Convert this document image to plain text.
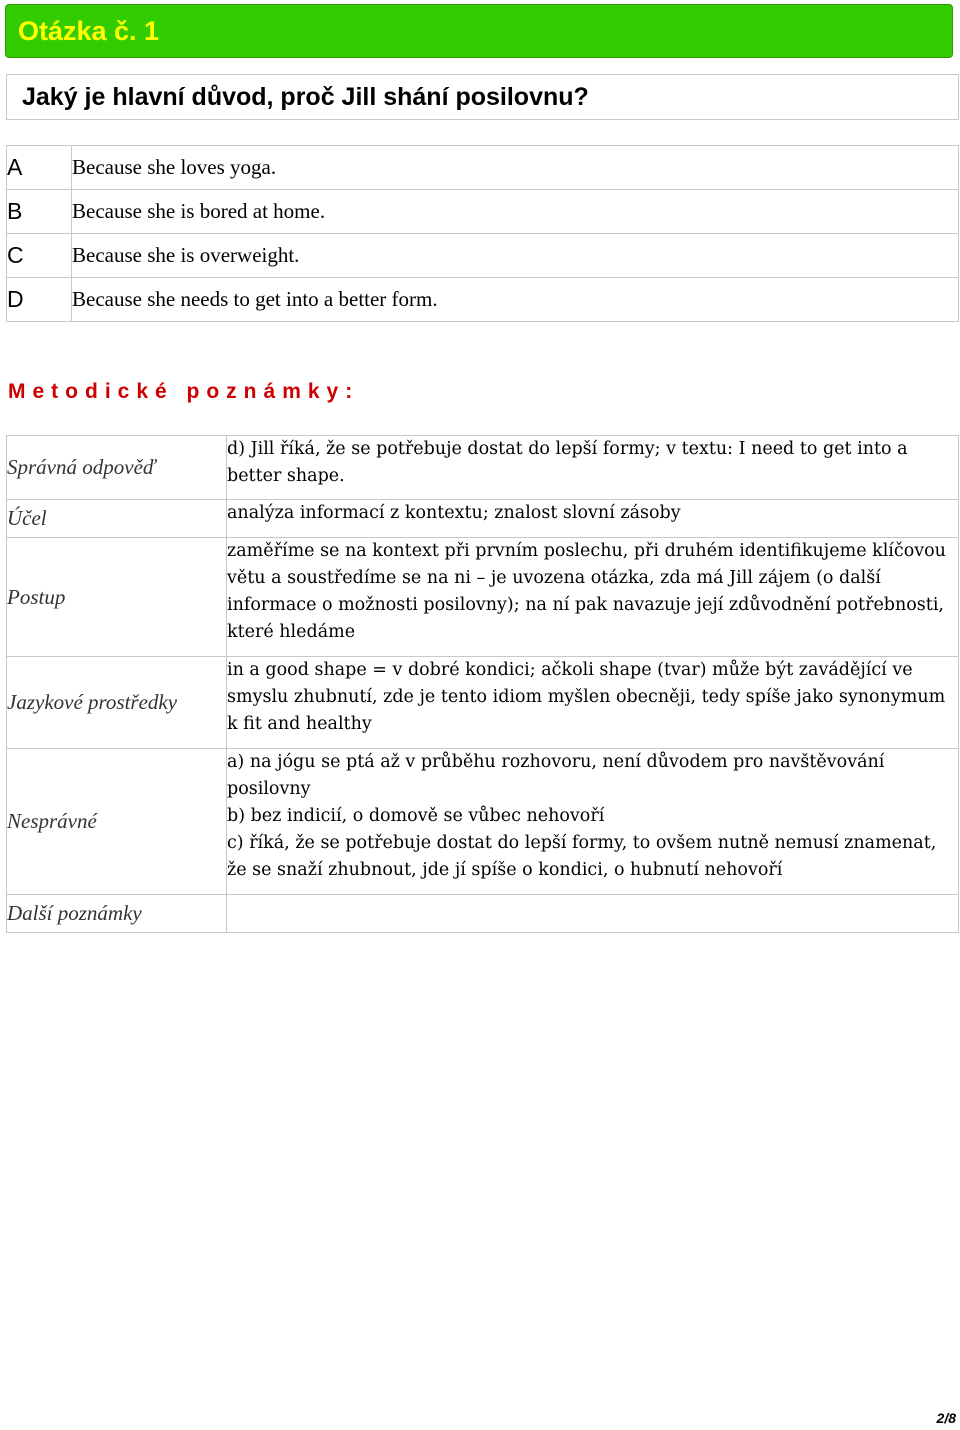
Otázka č. 1
Jaký je hlavní důvod, proč Jill shání posilovnu?
A	Because she loves yoga.
B	Because she is bored at home.
C	Because she is overweight.
D	Because she needs to get into a better form.
Metodické poznámky:
Správná odpověď	d) Jill říká, že se potřebuje dostat do lepší formy; v textu: I need to get into a better shape.

Účel	analýza informací z kontextu; znalost slovní zásoby

Postup	zaměříme se na kontext při prvním poslechu, při druhém identifikujeme klíčovou větu a soustředíme se na ni – je uvozena otázka, zda má Jill zájem (o další informace o možnosti posilovny); na ní pak navazuje její zdůvodnění potřebnosti, které hledáme

Jazykové prostředky	in a good shape = v dobré kondici; ačkoli shape (tvar) může být zavádějící ve smyslu zhubnutí, zde je tento idiom myšlen obecněji, tedy spíše jako synonymum k fit and healthy

Nesprávné	a) na jógu se ptá až v průběhu rozhovoru, není důvodem pro navštěvování posilovny
b) bez indicií, o domově se vůbec nehovoří
c) říká, že se potřebuje dostat do lepší formy, to ovšem nutně nemusí znamenat, že se snaží zhubnout, jde jí spíše o kondici, o hubnutí nehovoří

Další poznámky	
2/8
